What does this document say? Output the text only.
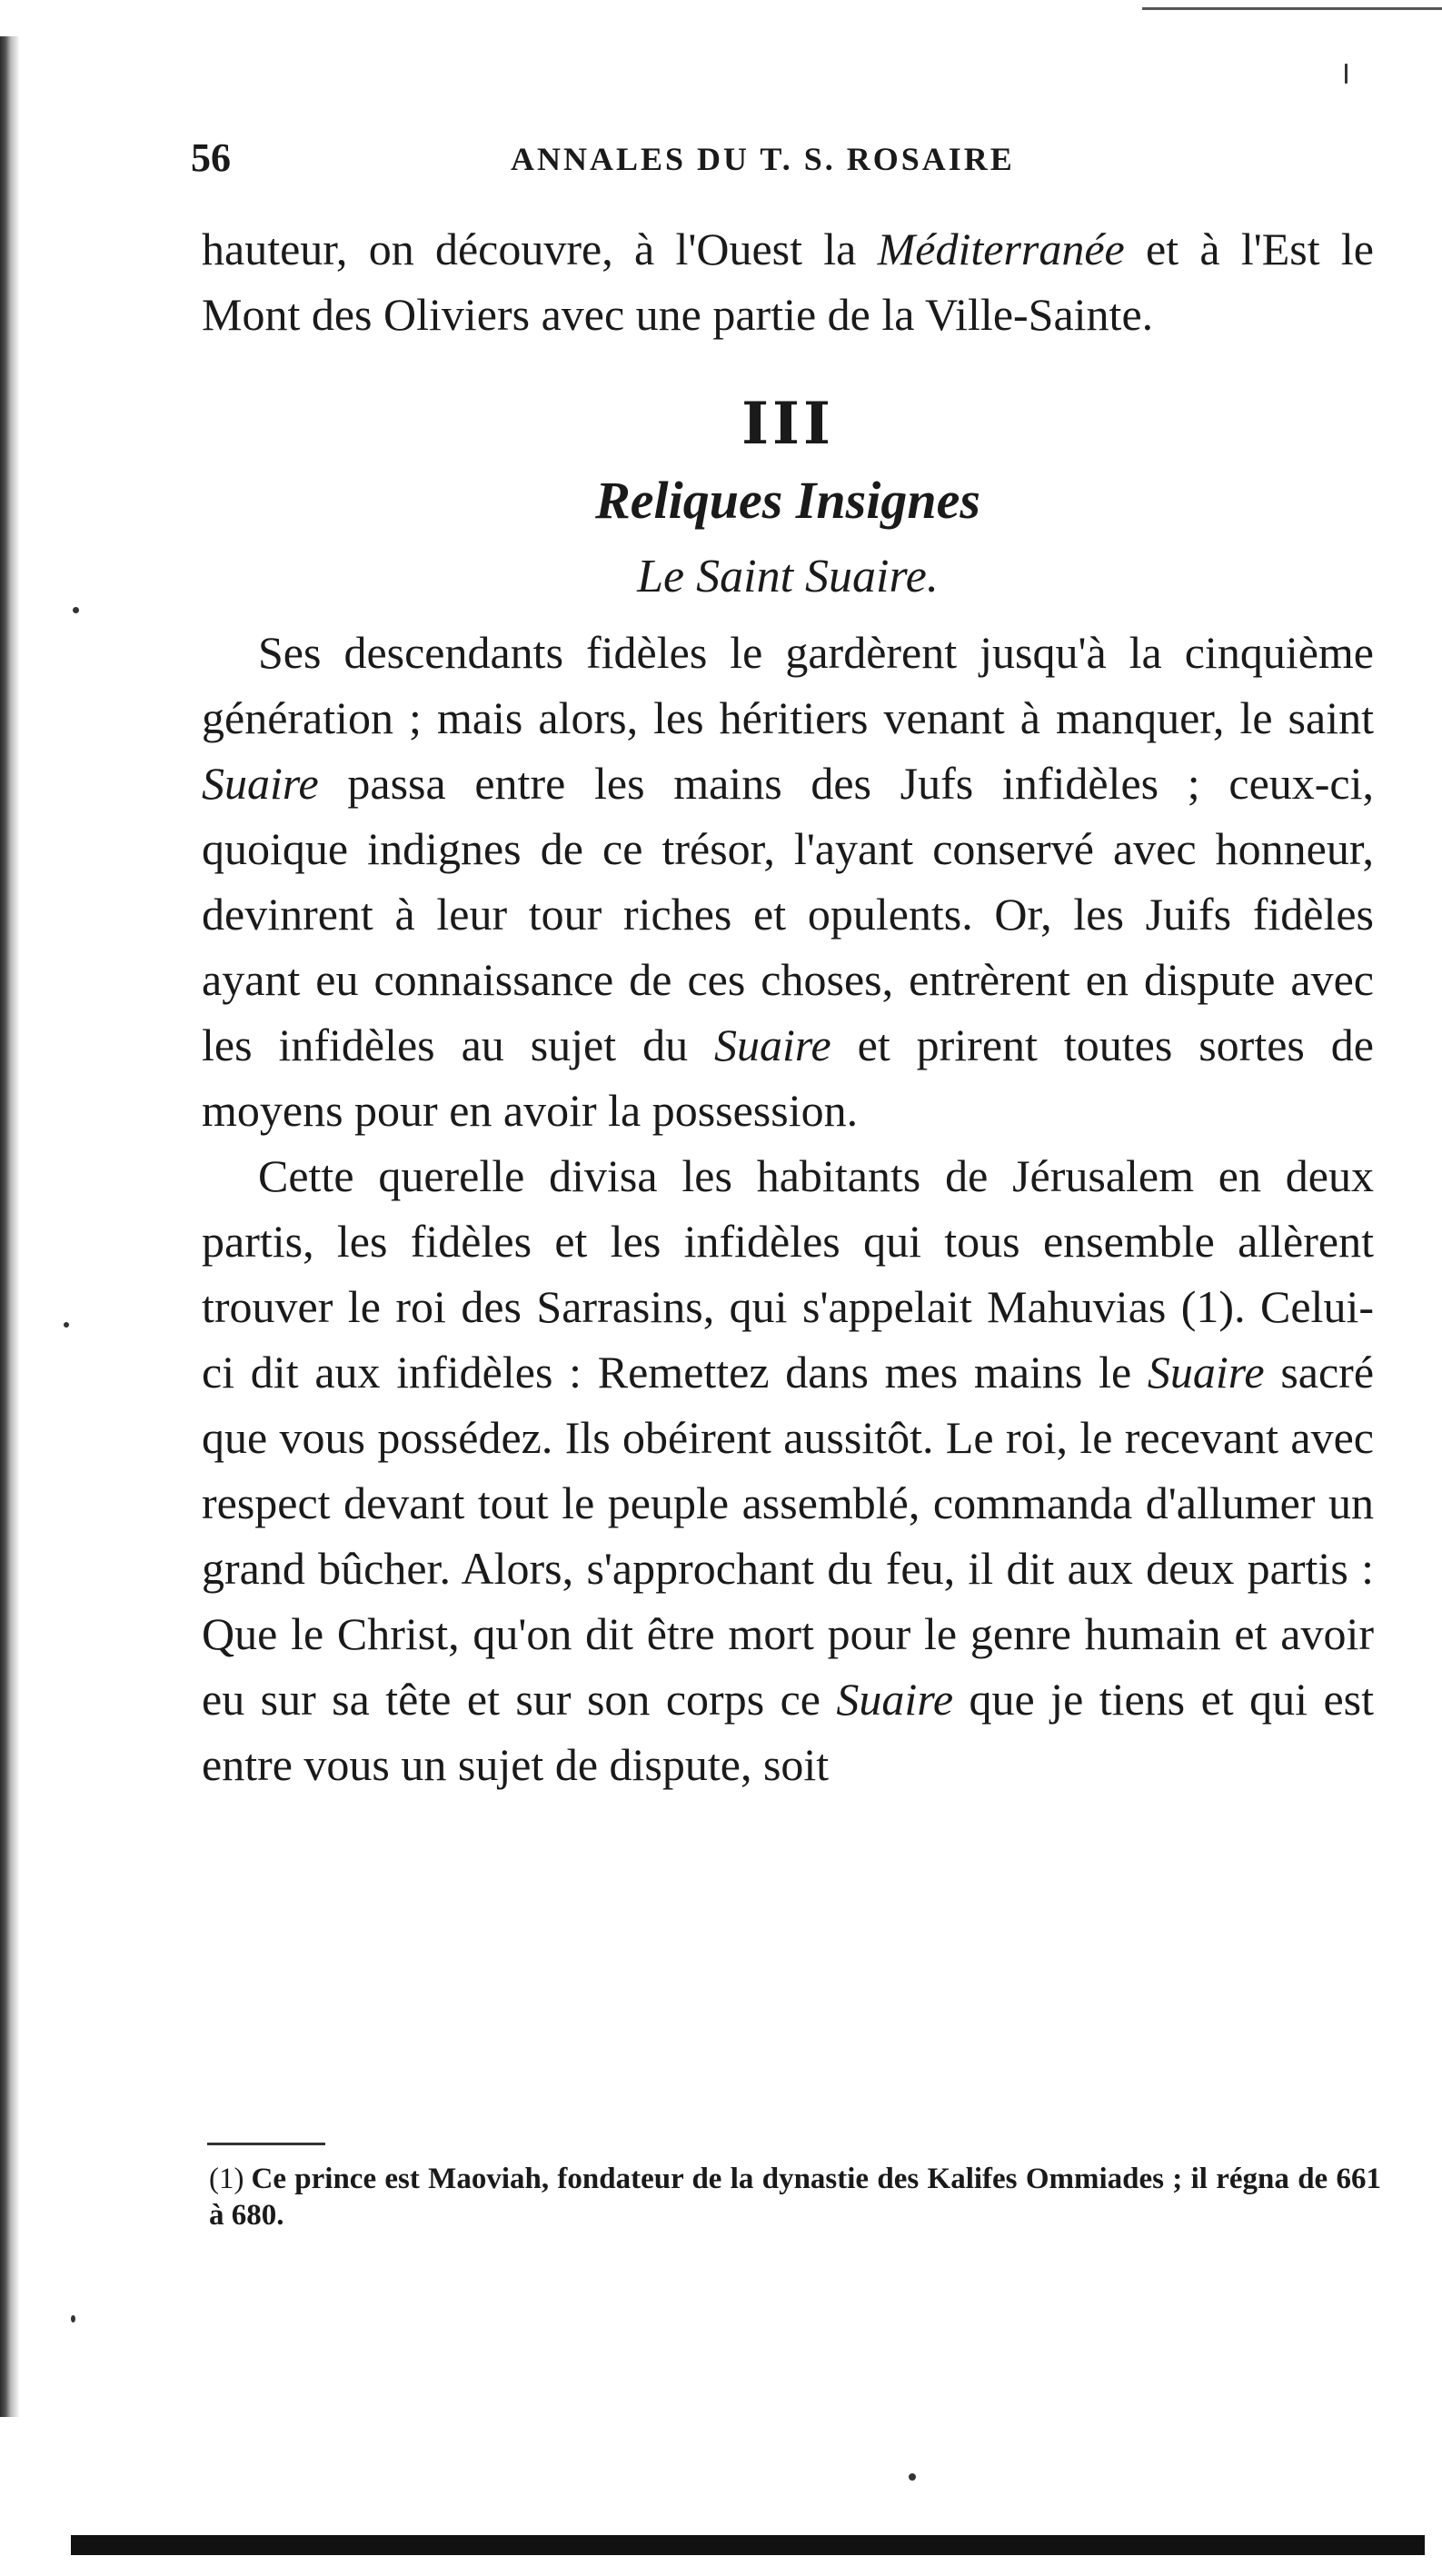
56	ANNALES DU T. S. ROSAIRE

hauteur, on découvre, à l'Ouest la Méditerranée et à l'Est le Mont des Oliviers avec une partie de la Ville-Sainte.

III
Reliques Insignes
Le Saint Suaire.

Ses descendants fidèles le gardèrent jusqu'à la cinquième génération ; mais alors, les héritiers venant à manquer, le saint Suaire passa entre les mains des Jufs infidèles ; ceux-ci, quoique indignes de ce trésor, l'ayant conservé avec honneur, devinrent à leur tour riches et opulents. Or, les Juifs fidèles ayant eu connaissance de ces choses, entrèrent en dispute avec les infidèles au sujet du Suaire et prirent toutes sortes de moyens pour en avoir la possession.

Cette querelle divisa les habitants de Jérusalem en deux partis, les fidèles et les infidèles qui tous ensemble allèrent trouver le roi des Sarrasins, qui s'appelait Mahuvias (1). Celui-ci dit aux infidèles : Remettez dans mes mains le Suaire sacré que vous possédez. Ils obéirent aussitôt. Le roi, le recevant avec respect devant tout le peuple assemblé, commanda d'allumer un grand bûcher. Alors, s'approchant du feu, il dit aux deux partis : Que le Christ, qu'on dit être mort pour le genre humain et avoir eu sur sa tête et sur son corps ce Suaire que je tiens et qui est entre vous un sujet de dispute, soit

(1) Ce prince est Maoviah, fondateur de la dynastie des Kalifes Ommiades ; il régna de 661 à 680.
